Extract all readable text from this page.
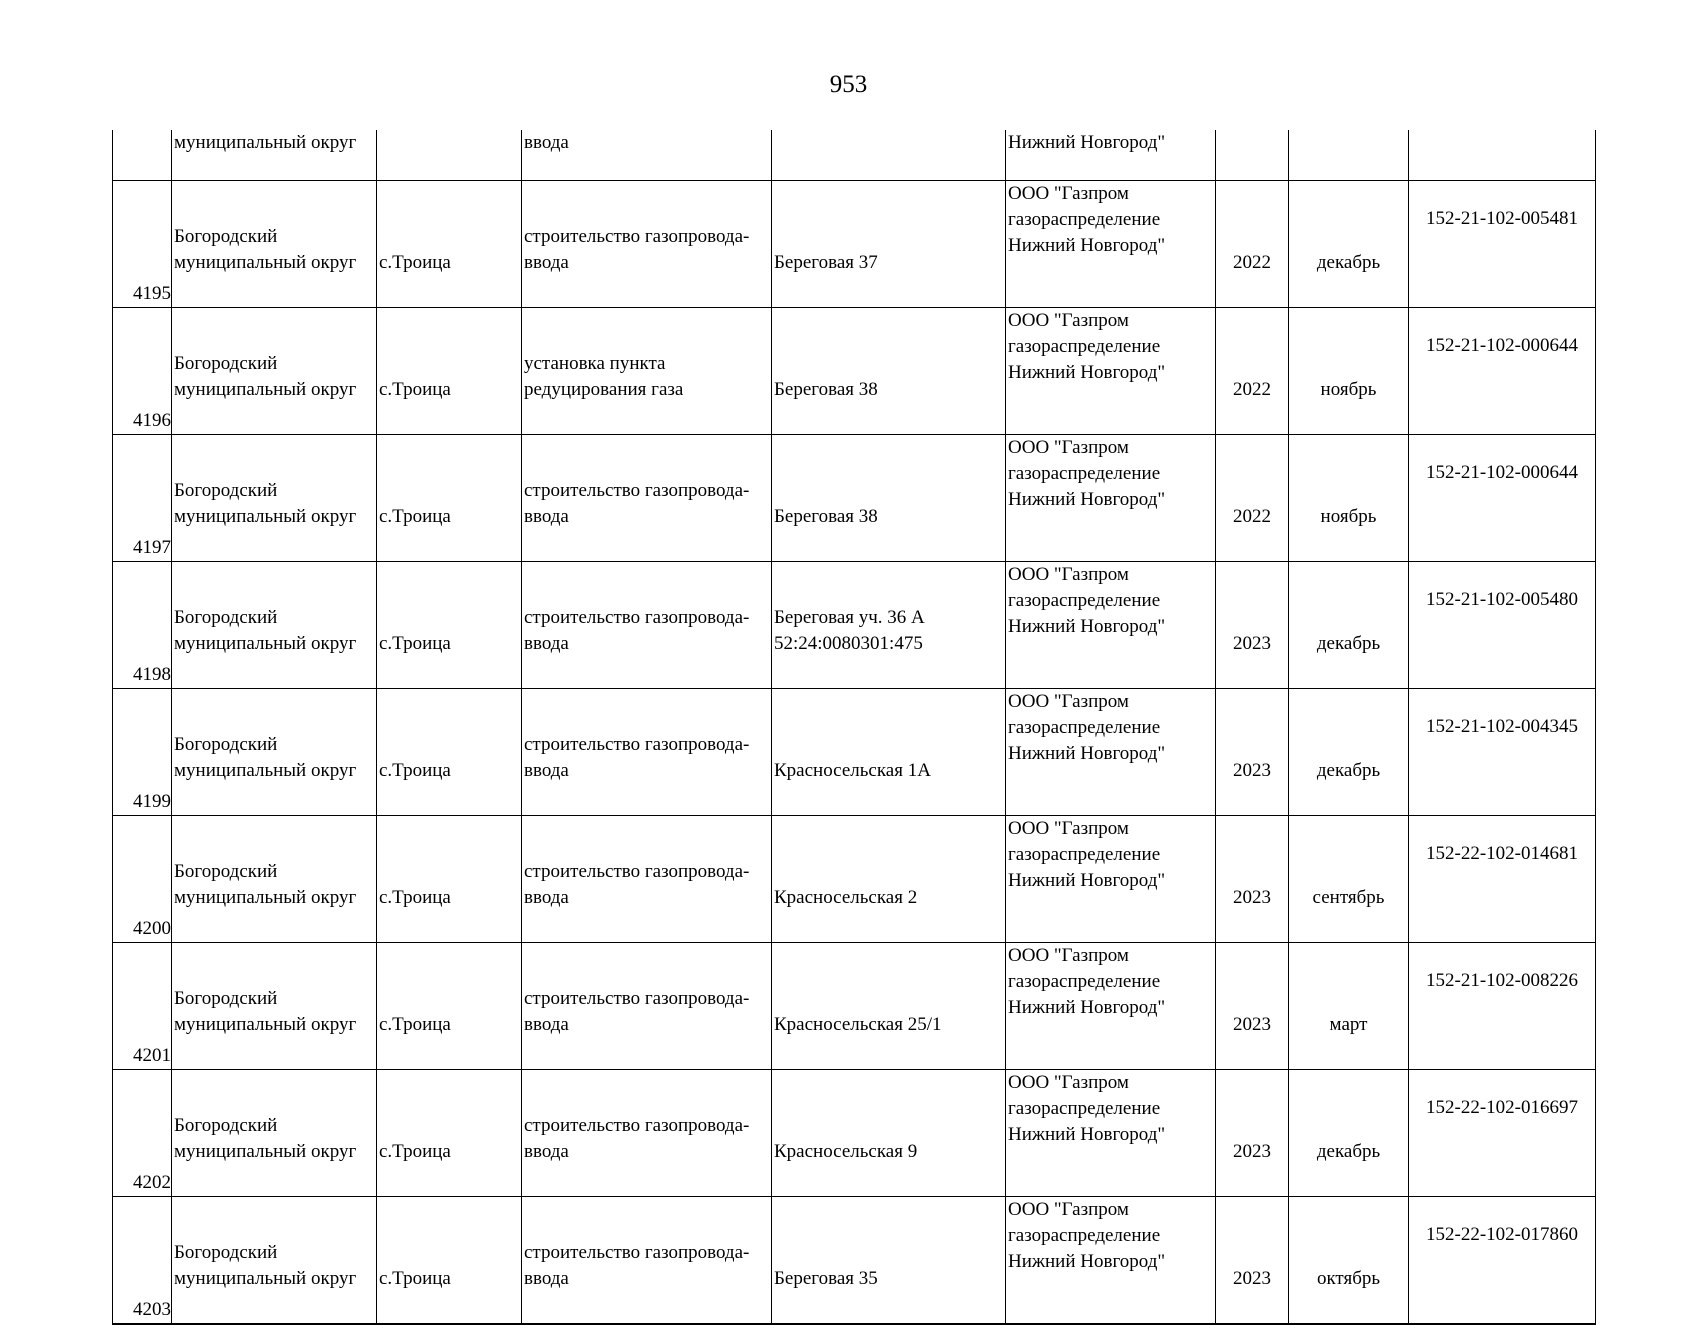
953
	муниципальный округ		ввода		Нижний Новгород"			
4195	Богородский
муниципальный округ	с.Троица	строительство газопровода-
ввода	Береговая 37	ООО "Газпром
газораспределение
Нижний Новгород"	2022	декабрь	152-21-102-005481
4196	Богородский
муниципальный округ	с.Троица	установка пункта
редуцирования газа	Береговая 38	ООО "Газпром
газораспределение
Нижний Новгород"	2022	ноябрь	152-21-102-000644
4197	Богородский
муниципальный округ	с.Троица	строительство газопровода-
ввода	Береговая 38	ООО "Газпром
газораспределение
Нижний Новгород"	2022	ноябрь	152-21-102-000644
4198	Богородский
муниципальный округ	с.Троица	строительство газопровода-
ввода	Береговая уч. 36 А
52:24:0080301:475	ООО "Газпром
газораспределение
Нижний Новгород"	2023	декабрь	152-21-102-005480
4199	Богородский
муниципальный округ	с.Троица	строительство газопровода-
ввода	Красносельская 1А	ООО "Газпром
газораспределение
Нижний Новгород"	2023	декабрь	152-21-102-004345
4200	Богородский
муниципальный округ	с.Троица	строительство газопровода-
ввода	Красносельская 2	ООО "Газпром
газораспределение
Нижний Новгород"	2023	сентябрь	152-22-102-014681
4201	Богородский
муниципальный округ	с.Троица	строительство газопровода-
ввода	Красносельская 25/1	ООО "Газпром
газораспределение
Нижний Новгород"	2023	март	152-21-102-008226
4202	Богородский
муниципальный округ	с.Троица	строительство газопровода-
ввода	Красносельская 9	ООО "Газпром
газораспределение
Нижний Новгород"	2023	декабрь	152-22-102-016697
4203	Богородский
муниципальный округ	с.Троица	строительство газопровода-
ввода	Береговая 35	ООО "Газпром
газораспределение
Нижний Новгород"	2023	октябрь	152-22-102-017860
